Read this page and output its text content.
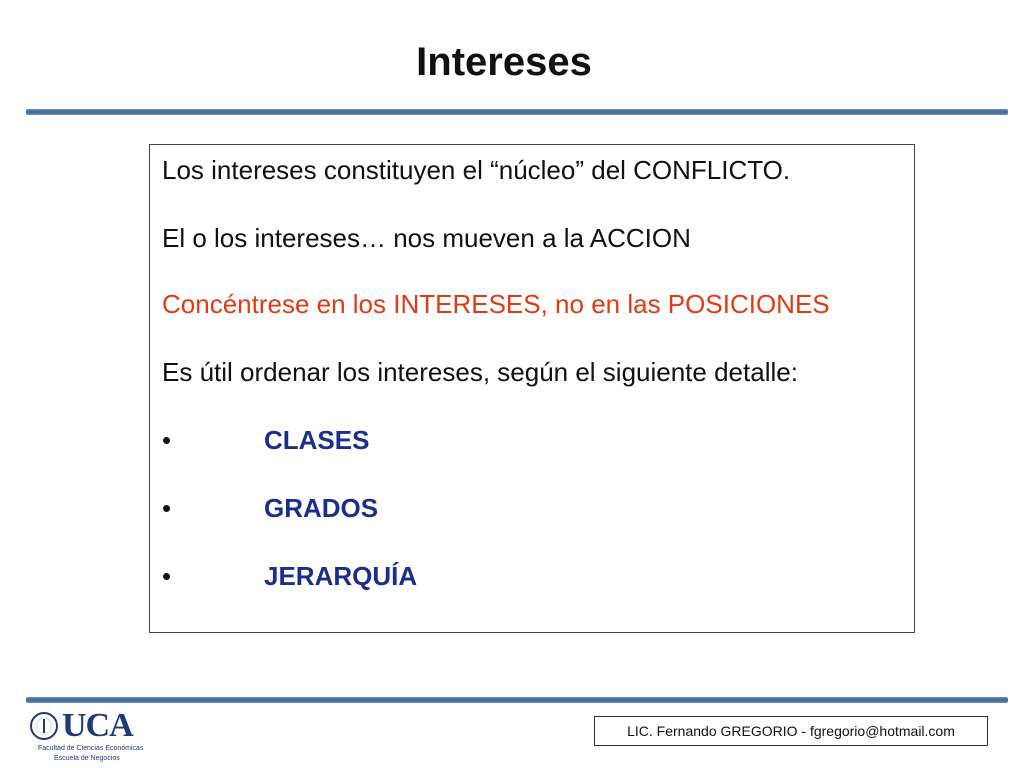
Intereses

Los intereses constituyen el “núcleo” del CONFLICTO.

El o los intereses… nos mueven a la ACCION

Concéntrese en los INTERESES, no en las POSICIONES

Es útil ordenar los intereses, según el siguiente detalle:

•	CLASES
•	GRADOS
•	JERARQUÍA
UCA
Facultad de Ciencias Económicas
Escuela de Negocios
LIC. Fernando GREGORIO - fgregorio@hotmail.com
